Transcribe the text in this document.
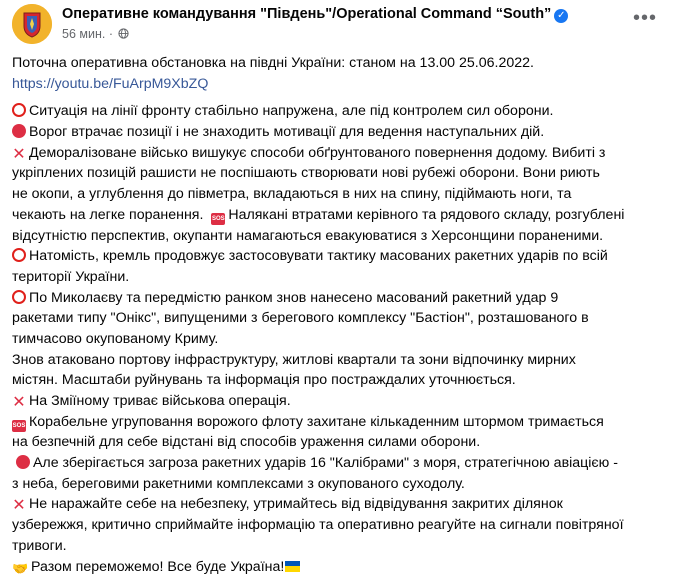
Оперативне командування "Південь"/Operational Command “South” ✓
56 мин. ·
•••
Поточна оперативна обстановка на півдні України: станом на 13.00 25.06.2022.
https://youtu.be/FuArpM9XbZQ
Ситуація на лінії фронту стабільно напружена, але під контролем сил оборони.
Ворог втрачає позиції і не знаходить мотивації для ведення наступальних дій.
✕ Деморалізоване військо вишукує способи обґрунтованого повернення додому. Вибиті з
укріплених позицій рашисти не поспішають створювати нові рубежі оборони. Вони риють
не окопи, а углублення до півметра, вкладаються в них на спину, підіймають ноги, та
чекають на легке поранення. SOS Налякані втратами керівного та рядового складу, розгублені
відсутністю перспектив, окупанти намагаються евакуюватися з Херсонщини пораненими.
Натомість, кремль продовжує застосовувати тактику масованих ракетних ударів по всій
території України.
По Миколаєву та передмістю ранком знов нанесено масований ракетний удар 9
ракетами типу "Онікс", випущеними з берегового комплексу "Бастіон", розташованого в
тимчасово окупованому Криму.
Знов атаковано портову інфраструктуру, житлові квартали та зони відпочинку мирних
містян. Масштаби руйнувань та інформація про постраждалих уточнюється.
✕ На Зміїному триває військова операція.
SOS Корабельне угруповання ворожого флоту захитане кількаденним штормом тримається
на безпечній для себе відстані від способів ураження силами оборони.
Але зберігається загроза ракетних ударів 16 "Калібрами" з моря, стратегічною авіацією -
з неба, береговими ракетними комплексами з окупованого суходолу.
✕ Не наражайте себе на небезпеку, утримайтесь від відвідування закритих ділянок
узбережжя, критично сприймайте інформацію та оперативно реагуйте на сигнали повітряної
тривоги.
🤝 Разом переможемо! Все буде Україна!
